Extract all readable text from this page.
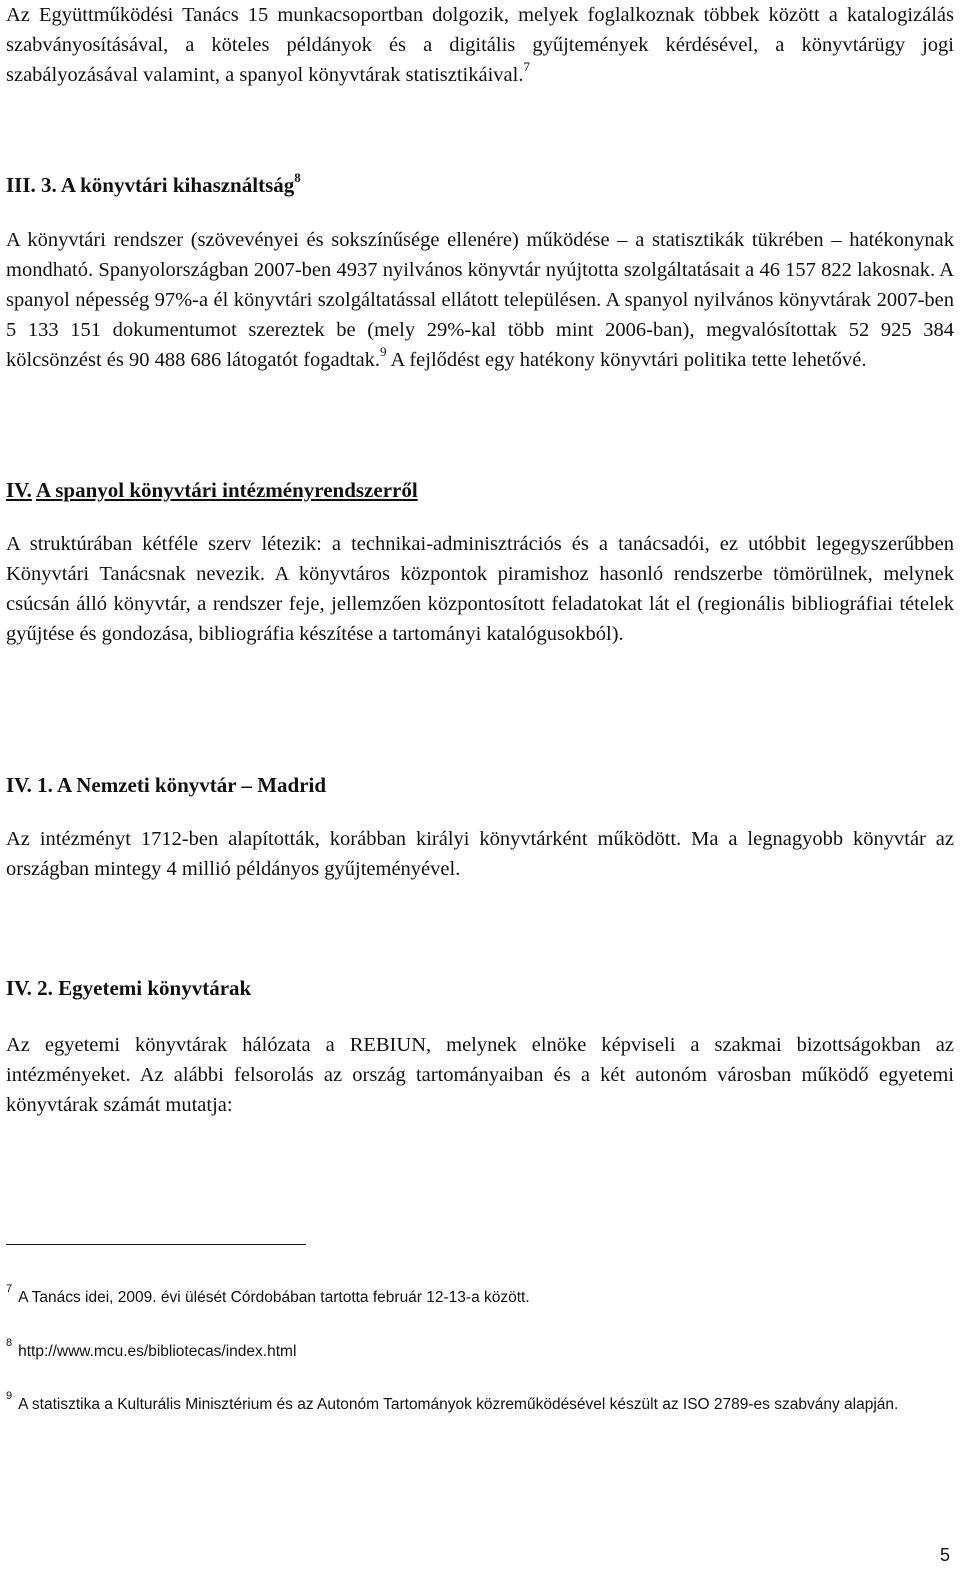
Az Együttműködési Tanács 15 munkacsoportban dolgozik, melyek foglalkoznak többek között a katalogizálás szabványosításával, a köteles példányok és a digitális gyűjtemények kérdésével, a könyvtárügy jogi szabályozásával valamint, a spanyol könyvtárak statisztikáival.$^7$

III. 3. A könyvtári kihasználtság$^8$

A könyvtári rendszer (szövevényei és sokszínűsége ellenére) működése – a statisztikák tükrében – hatékonynak mondható. Spanyolországban 2007-ben 4937 nyilvános könyvtár nyújtotta szolgáltatásait a 46 157 822 lakosnak. A spanyol népesség 97%-a él könyvtári szolgáltatással ellátott településen. A spanyol nyilvános könyvtárak 2007-ben 5 133 151 dokumentumot szereztek be (mely 29%-kal több mint 2006-ban), megvalósítottak 52 925 384 kölcsönzést és 90 488 686 látogatót fogadtak.$^9$ A fejlődést egy hatékony könyvtári politika tette lehetővé.

IV. A spanyol könyvtári intézményrendszerről

A struktúrában kétféle szerv létezik: a technikai-adminisztrációs és a tanácsadói, ez utóbbit legegyszerűbben Könyvtári Tanácsnak nevezik. A könyvtáros központok piramishoz hasonló rendszerbe tömörülnek, melynek csúcsán álló könyvtár, a rendszer feje, jellemzően központosított feladatokat lát el (regionális bibliográfiai tételek gyűjtése és gondozása, bibliográfia készítése a tartományi katalógusokból).

IV. 1. A Nemzeti könyvtár – Madrid

Az intézményt 1712-ben alapították, korábban királyi könyvtárként működött. Ma a legnagyobb könyvtár az országban mintegy 4 millió példányos gyűjteményével.

IV. 2. Egyetemi könyvtárak

Az egyetemi könyvtárak hálózata a REBIUN, melynek elnöke képviseli a szakmai bizottságokban az intézményeket. Az alábbi felsorolás az ország tartományaiban és a két autonóm városban működő egyetemi könyvtárak számát mutatja:

$^7$A Tanács idei, 2009. évi ülését Córdobában tartotta február 12-13-a között.

$^8$http://www.mcu.es/bibliotecas/index.html

$^9$A statisztika a Kulturális Minisztérium és az Autonóm Tartományok közreműködésével készült az ISO 2789-es szabvány alapján.

5
